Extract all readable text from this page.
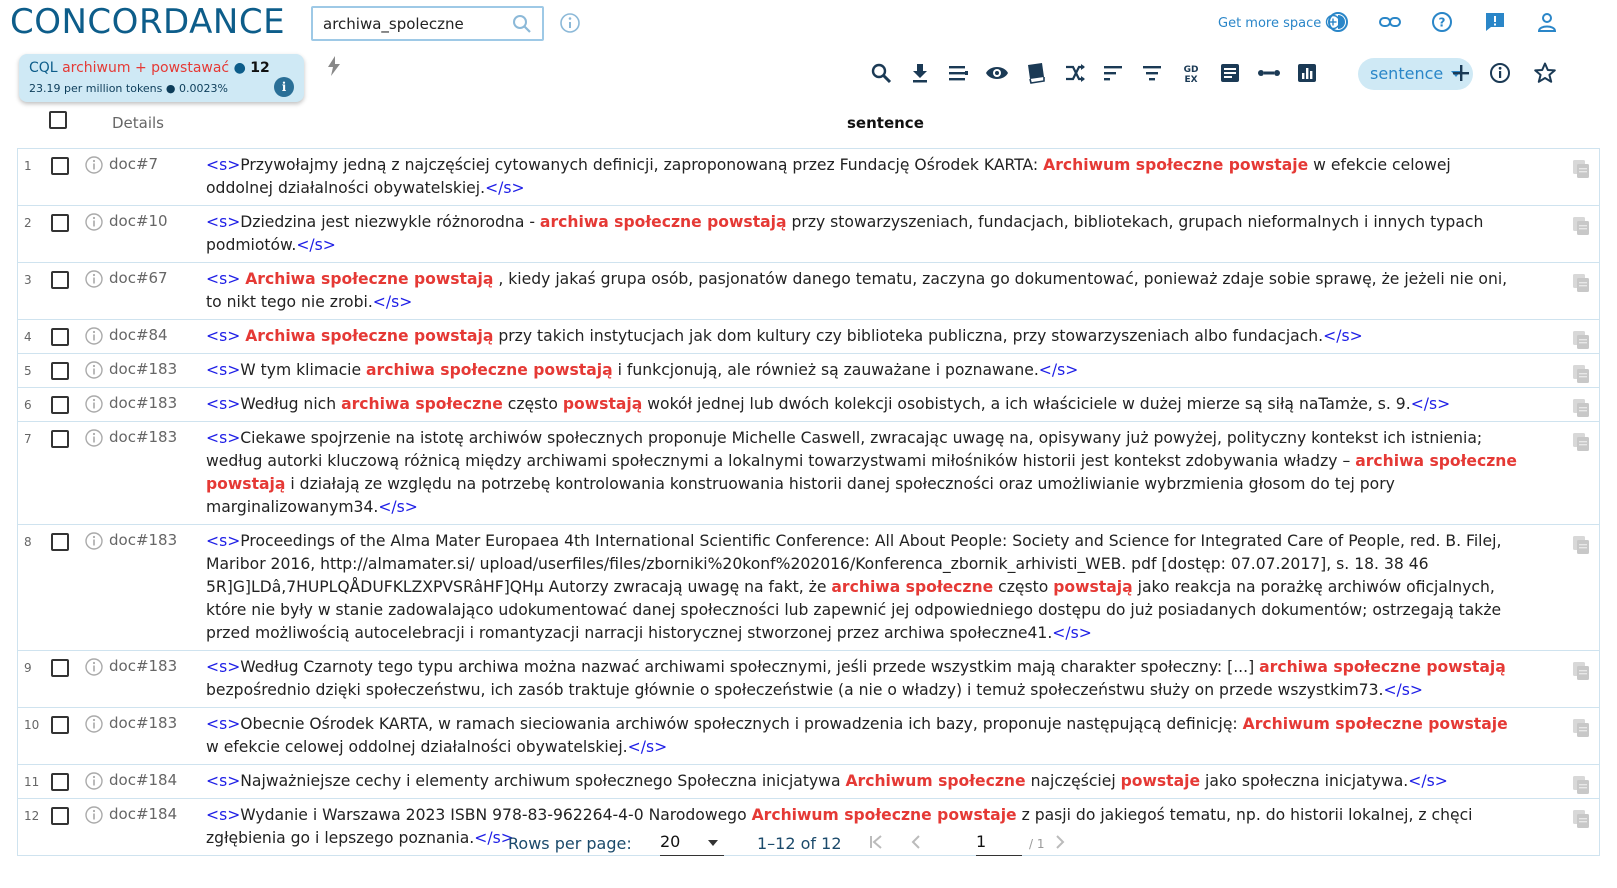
CONCORDANCE
archiwa_spoleczne	Get more space	?
CQL archiwum + powstawać ● 12
23.19 per million tokens ● 0.0023%	i
GD
EX	sentence
Details	sentence
1	doc#7	<s>Przywołajmy jedną z najczęściej cytowanych definicji, zaproponowaną przez Fundację Ośrodek KARTA: Archiwum społeczne powstaje w efekcie celowej oddolnej działalności obywatelskiej.</s>
2	doc#10 <s>Dziedzina jest niezwykle różnorodna - archiwa społeczne powstają przy stowarzyszeniach, fundacjach, bibliotekach, grupach nieformalnych i innych typach podmiotów.</s>
3	doc#67 <s> Archiwa społeczne powstają , kiedy jakaś grupa osób, pasjonatów danego tematu, zaczyna go dokumentować, ponieważ zdaje sobie sprawę, że jeżeli nie oni, to nikt tego nie zrobi.</s>
4	doc#84 <s> Archiwa społeczne powstają przy takich instytucjach jak dom kultury czy biblioteka publiczna, przy stowarzyszeniach albo fundacjach.</s>
5	doc#183 <s>W tym klimacie archiwa społeczne powstają i funkcjonują, ale również są zauważane i poznawane.</s>
6	doc#183 <s>Według nich archiwa społeczne często powstają wokół jednej lub dwóch kolekcji osobistych, a ich właściciele w dużej mierze są siłą naTamże, s. 9.</s>
7	doc#183 <s>Ciekawe spojrzenie na istotę archiwów społecznych proponuje Michelle Caswell, zwracając uwagę na, opisywany już powyżej, polityczny kontekst ich istnienia; według autorki kluczową różnicą między archiwami społecznymi a lokalnymi towarzystwami miłośników historii jest kontekst zdobywania władzy – archiwa społeczne powstają i działają ze względu na potrzebę kontrolowania konstruowania historii danej społeczności oraz umożliwianie wybrzmienia głosom do tej pory marginalizowanym34.</s>
8	doc#183 <s>Proceedings of the Alma Mater Europaea 4th International Scientific Conference: All About People: Society and Science for Integrated Care of People, red. B. Filej, Maribor 2016, http://almamater.si/ upload/userfiles/files/zborniki%20konf%202016/Konferenca_zbornik_arhivisti_WEB. pdf [dostęp: 07.07.2017], s. 18. 38 46 5R]G]LDâ,7HUPLQÅDUFKLZXPVSRâHF]QHµ Autorzy zwracają uwagę na fakt, że archiwa społeczne często powstają jako reakcja na porażkę archiwów oficjalnych, które nie były w stanie zadowalająco udokumentować danej społeczności lub zapewnić jej odpowiedniego dostępu do już posiadanych dokumentów; ostrzegają także przed możliwością autocelebracji i romantyzacji narracji historycznej stworzonej przez archiwa społeczne41.</s>
9	doc#183 <s>Według Czarnoty tego typu archiwa można nazwać archiwami społecznymi, jeśli przede wszystkim mają charakter społeczny: [...] archiwa społeczne powstają bezpośrednio dzięki społeczeństwu, ich zasób traktuje głównie o społeczeństwie (a nie o władzy) i temuż społeczeństwu służy on przede wszystkim73.</s>
10	doc#183 <s>Obecnie Ośrodek KARTA, w ramach sieciowania archiwów społecznych i prowadzenia ich bazy, proponuje następującą definicję: Archiwum społeczne powstaje w efekcie celowej oddolnej działalności obywatelskiej.</s>
11	doc#184 <s>Najważniejsze cechy i elementy archiwum społecznego Społeczna inicjatywa Archiwum społeczne najczęściej powstaje jako społeczna inicjatywa.</s>
12	doc#184 <s>Wydanie i Warszawa 2023 ISBN 978-83-962264-4-0 Narodowego Archiwum społeczne powstaje z pasji do jakiegoś tematu, np. do historii lokalnej, z chęci zgłębienia go i lepszego poznania.</s>
Rows per page: 20	1–12 of 12	1	/ 1
